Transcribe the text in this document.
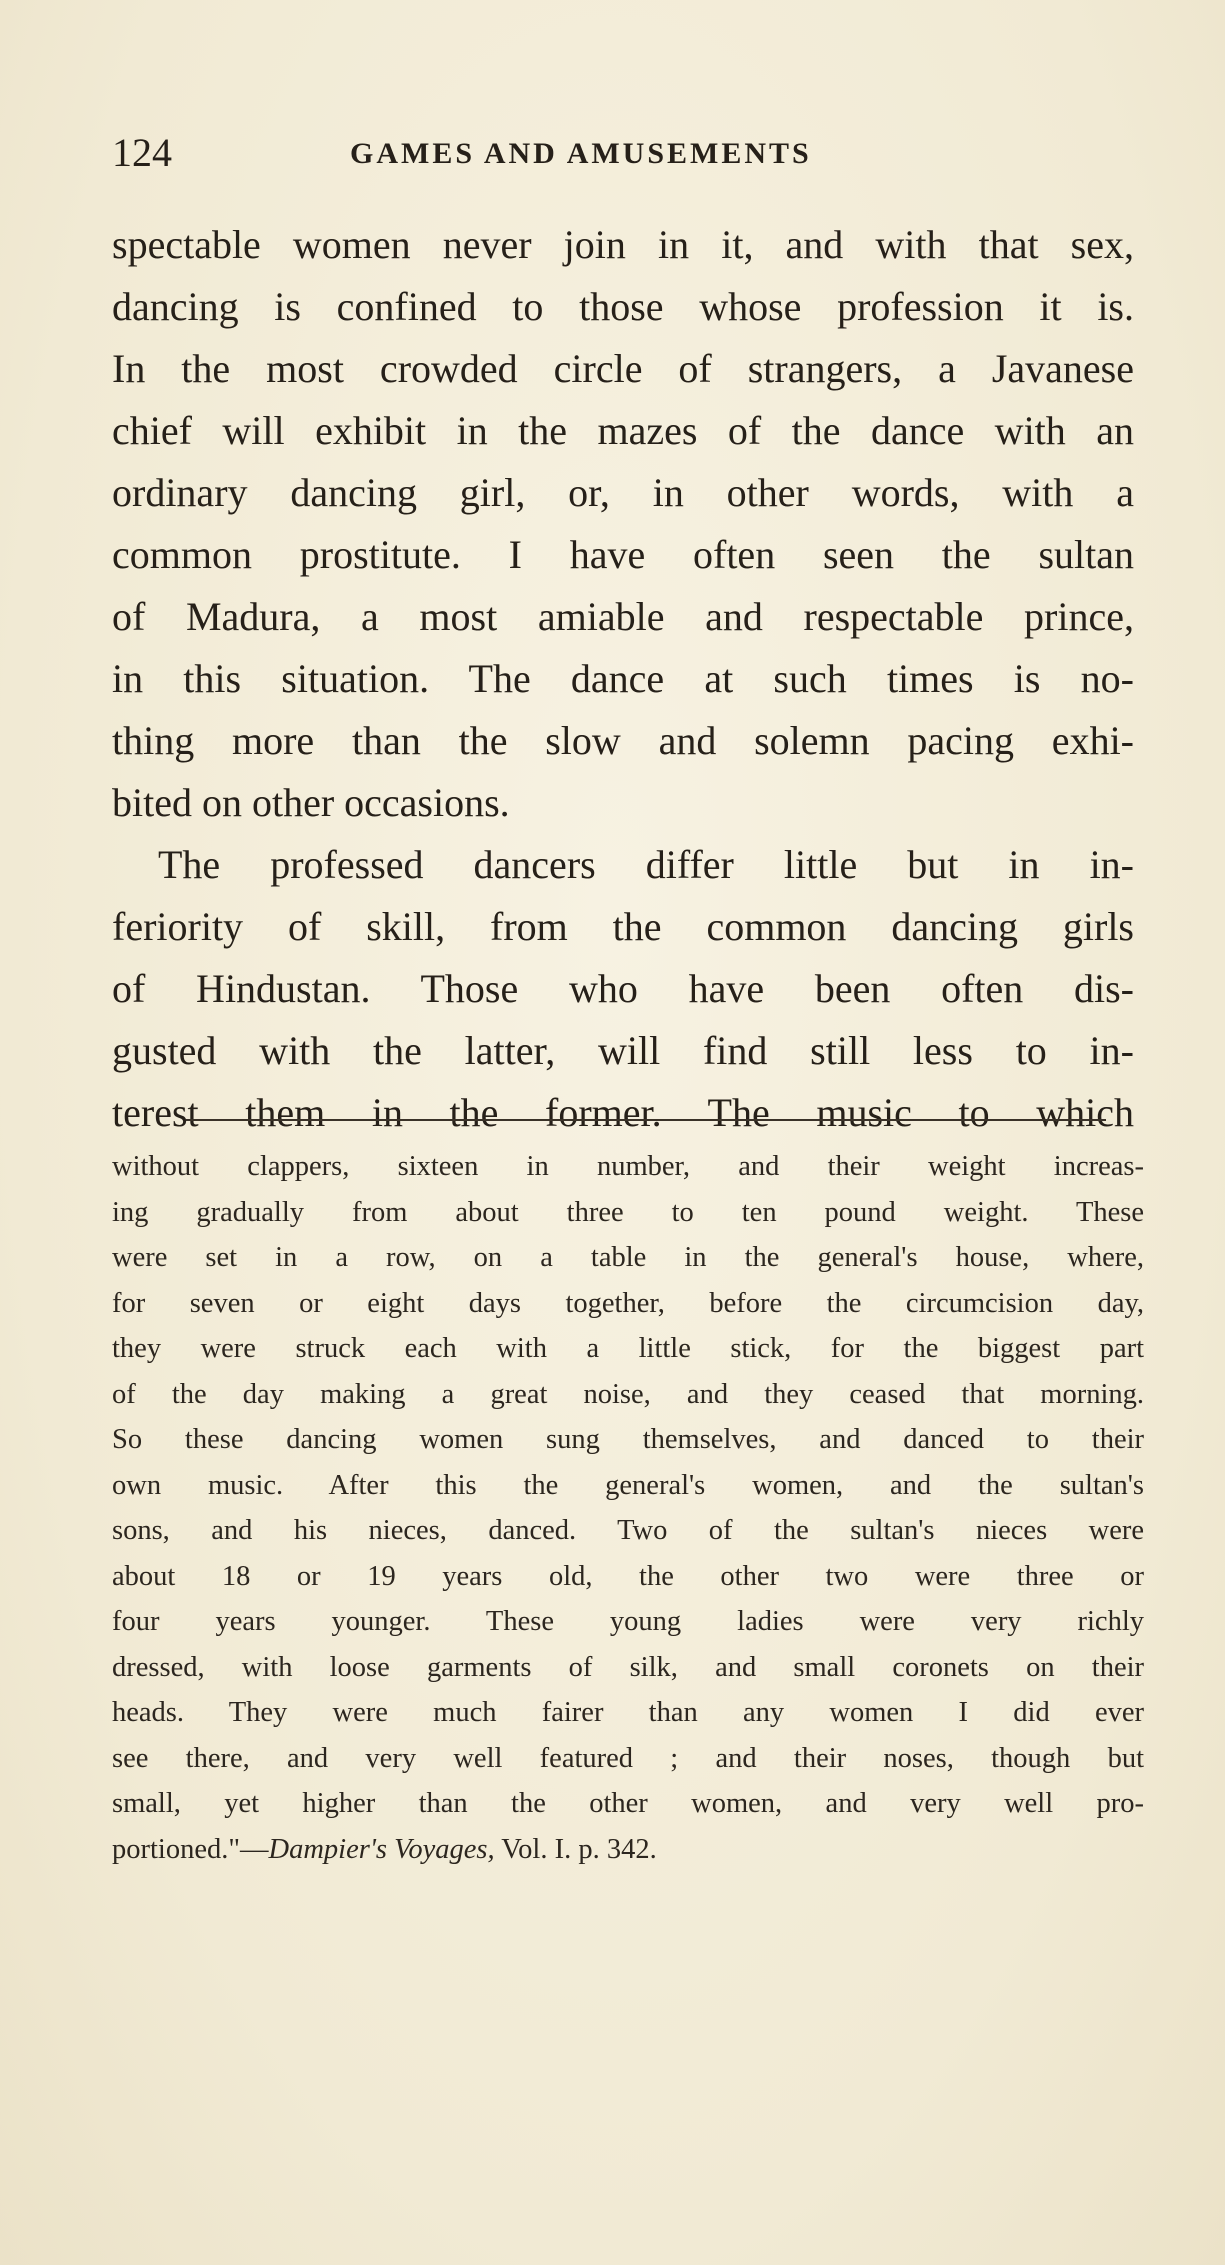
124	GAMES AND AMUSEMENTS
spectable women never join in it, and with that sex,
dancing is confined to those whose profession it is.
In the most crowded circle of strangers, a Javanese
chief will exhibit in the mazes of the dance with an
ordinary dancing girl, or, in other words, with a
common prostitute. I have often seen the sultan
of Madura, a most amiable and respectable prince,
in this situation. The dance at such times is no-
thing more than the slow and solemn pacing exhi-
bited on other occasions.
The professed dancers differ little but in in-
feriority of skill, from the common dancing girls
of Hindustan. Those who have been often dis-
gusted with the latter, will find still less to in-
terest them in the former. The music to which
without clappers, sixteen in number, and their weight increas-
ing gradually from about three to ten pound weight. These
were set in a row, on a table in the general's house, where,
for seven or eight days together, before the circumcision day,
they were struck each with a little stick, for the biggest part
of the day making a great noise, and they ceased that morning.
So these dancing women sung themselves, and danced to their
own music. After this the general's women, and the sultan's
sons, and his nieces, danced. Two of the sultan's nieces were
about 18 or 19 years old, the other two were three or
four years younger. These young ladies were very richly
dressed, with loose garments of silk, and small coronets on their
heads. They were much fairer than any women I did ever
see there, and very well featured ; and their noses, though but
small, yet higher than the other women, and very well pro-
portioned."—Dampier's Voyages, Vol. I. p. 342.
